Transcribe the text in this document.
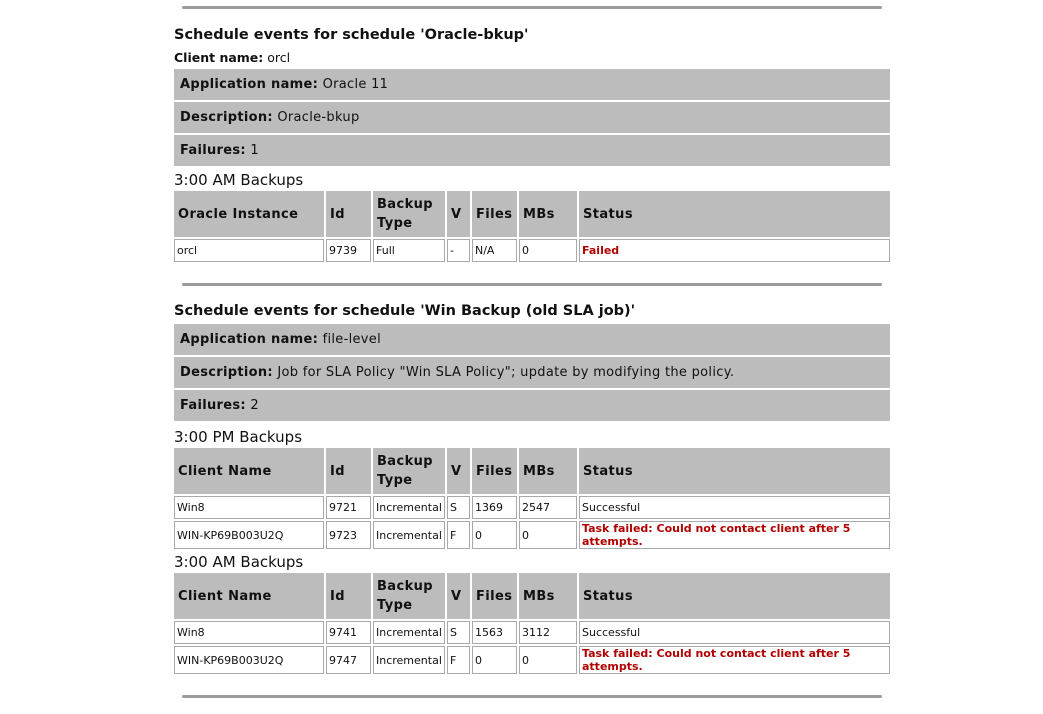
Schedule events for schedule 'Oracle-bkup'
Client name: orcl
Application name: Oracle 11
Description: Oracle-bkup
Failures: 1
3:00 AM Backups
Oracle Instance	Id	Backup Type	V	Files	MBs	Status
orcl	9739	Full	-	N/A	0	Failed
Schedule events for schedule 'Win Backup (old SLA job)'
Application name: file-level
Description: Job for SLA Policy "Win SLA Policy"; update by modifying the policy.
Failures: 2
3:00 PM Backups
Client Name	Id	Backup Type	V	Files	MBs	Status
Win8	9721	Incremental	S	1369	2547	Successful
WIN-KP69B003U2Q	9723	Incremental	F	0	0	Task failed: Could not contact client after 5 attempts.
3:00 AM Backups
Client Name	Id	Backup Type	V	Files	MBs	Status
Win8	9741	Incremental	S	1563	3112	Successful
WIN-KP69B003U2Q	9747	Incremental	F	0	0	Task failed: Could not contact client after 5 attempts.
